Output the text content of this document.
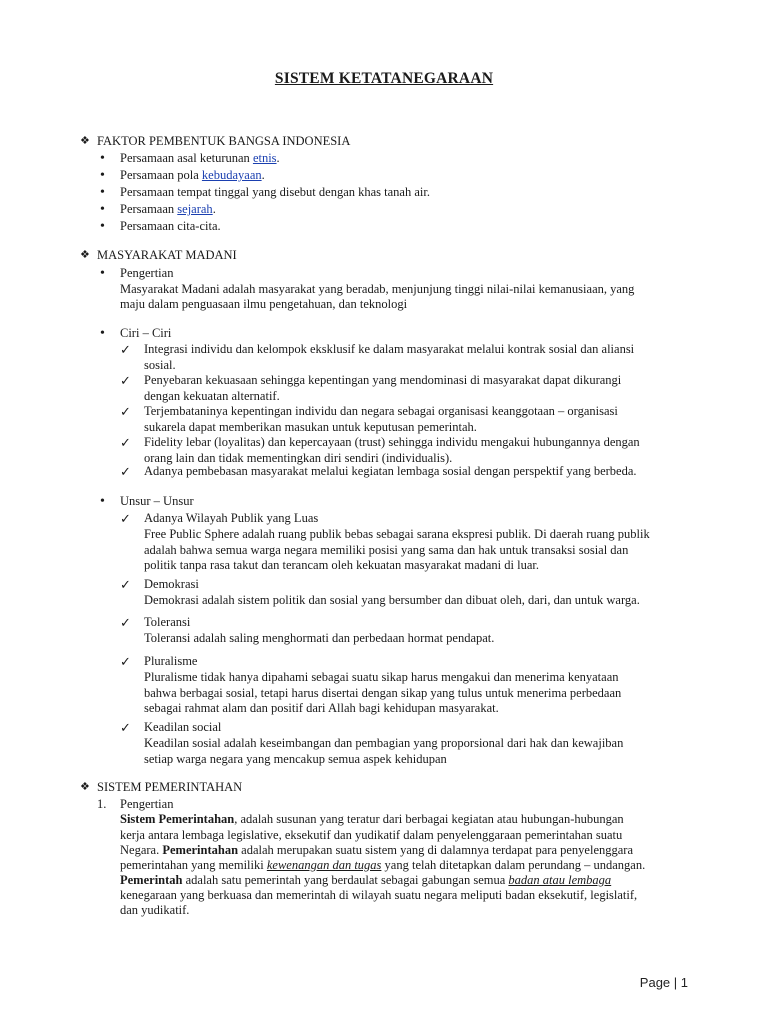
SISTEM KETATANEGARAAN
❖ FAKTOR PEMBENTUK BANGSA INDONESIA
❖ MASYARAKAT MADANI
• Pengertian
Masyarakat Madani adalah masyarakat yang beradab, menjunjung tinggi nilai-nilai kemanusiaan, yang
maju dalam penguasaan ilmu pengetahuan, dan teknologi
• Ciri – Ciri
• Unsur – Unsur
❖ SISTEM PEMERINTAHAN
1. Pengertian
Sistem Pemerintahan, adalah susunan yang teratur dari berbagai kegiatan atau hubungan-hubungan
kerja antara lembaga legislative, eksekutif dan yudikatif dalam penyelenggaraan pemerintahan suatu
Negara. Pemerintahan adalah merupakan suatu sistem yang di dalamnya terdapat para penyelenggara
pemerintahan yang memiliki kewenangan dan tugas yang telah ditetapkan dalam perundang – undangan.
Pemerintah adalah satu pemerintah yang berdaulat sebagai gabungan semua badan atau lembaga
kenegaraan yang berkuasa dan memerintah di wilayah suatu negara meliputi badan eksekutif, legislatif,
dan yudikatif.
Page | 1
• Persamaan asal keturunan etnis.
• Persamaan pola kebudayaan.
• Persamaan tempat tinggal yang disebut dengan khas tanah air.
• Persamaan sejarah.
• Persamaan cita-cita.
✓ Integrasi individu dan kelompok eksklusif ke dalam masyarakat melalui kontrak sosial dan aliansi
sosial.
✓ Penyebaran kekuasaan sehingga kepentingan yang mendominasi di masyarakat dapat dikurangi
dengan kekuatan alternatif.
✓ Terjembataninya kepentingan individu dan negara sebagai organisasi keanggotaan – organisasi
sukarela dapat memberikan masukan untuk keputusan pemerintah.
✓ Fidelity lebar (loyalitas) dan kepercayaan (trust) sehingga individu mengakui hubungannya dengan
orang lain dan tidak mementingkan diri sendiri (individualis).
✓ Adanya pembebasan masyarakat melalui kegiatan lembaga sosial dengan perspektif yang berbeda.
✓ Adanya Wilayah Publik yang Luas
Free Public Sphere adalah ruang publik bebas sebagai sarana ekspresi publik. Di daerah ruang publik
adalah bahwa semua warga negara memiliki posisi yang sama dan hak untuk transaksi sosial dan
politik tanpa rasa takut dan terancam oleh kekuatan masyarakat madani di luar.
✓ Demokrasi
Demokrasi adalah sistem politik dan sosial yang bersumber dan dibuat oleh, dari, dan untuk warga.
✓ Toleransi
Toleransi adalah saling menghormati dan perbedaan hormat pendapat.
✓ Pluralisme
Pluralisme tidak hanya dipahami sebagai suatu sikap harus mengakui dan menerima kenyataan
bahwa berbagai sosial, tetapi harus disertai dengan sikap yang tulus untuk menerima perbedaan
sebagai rahmat alam dan positif dari Allah bagi kehidupan masyarakat.
✓ Keadilan social
Keadilan sosial adalah keseimbangan dan pembagian yang proporsional dari hak dan kewajiban
setiap warga negara yang mencakup semua aspek kehidupan
